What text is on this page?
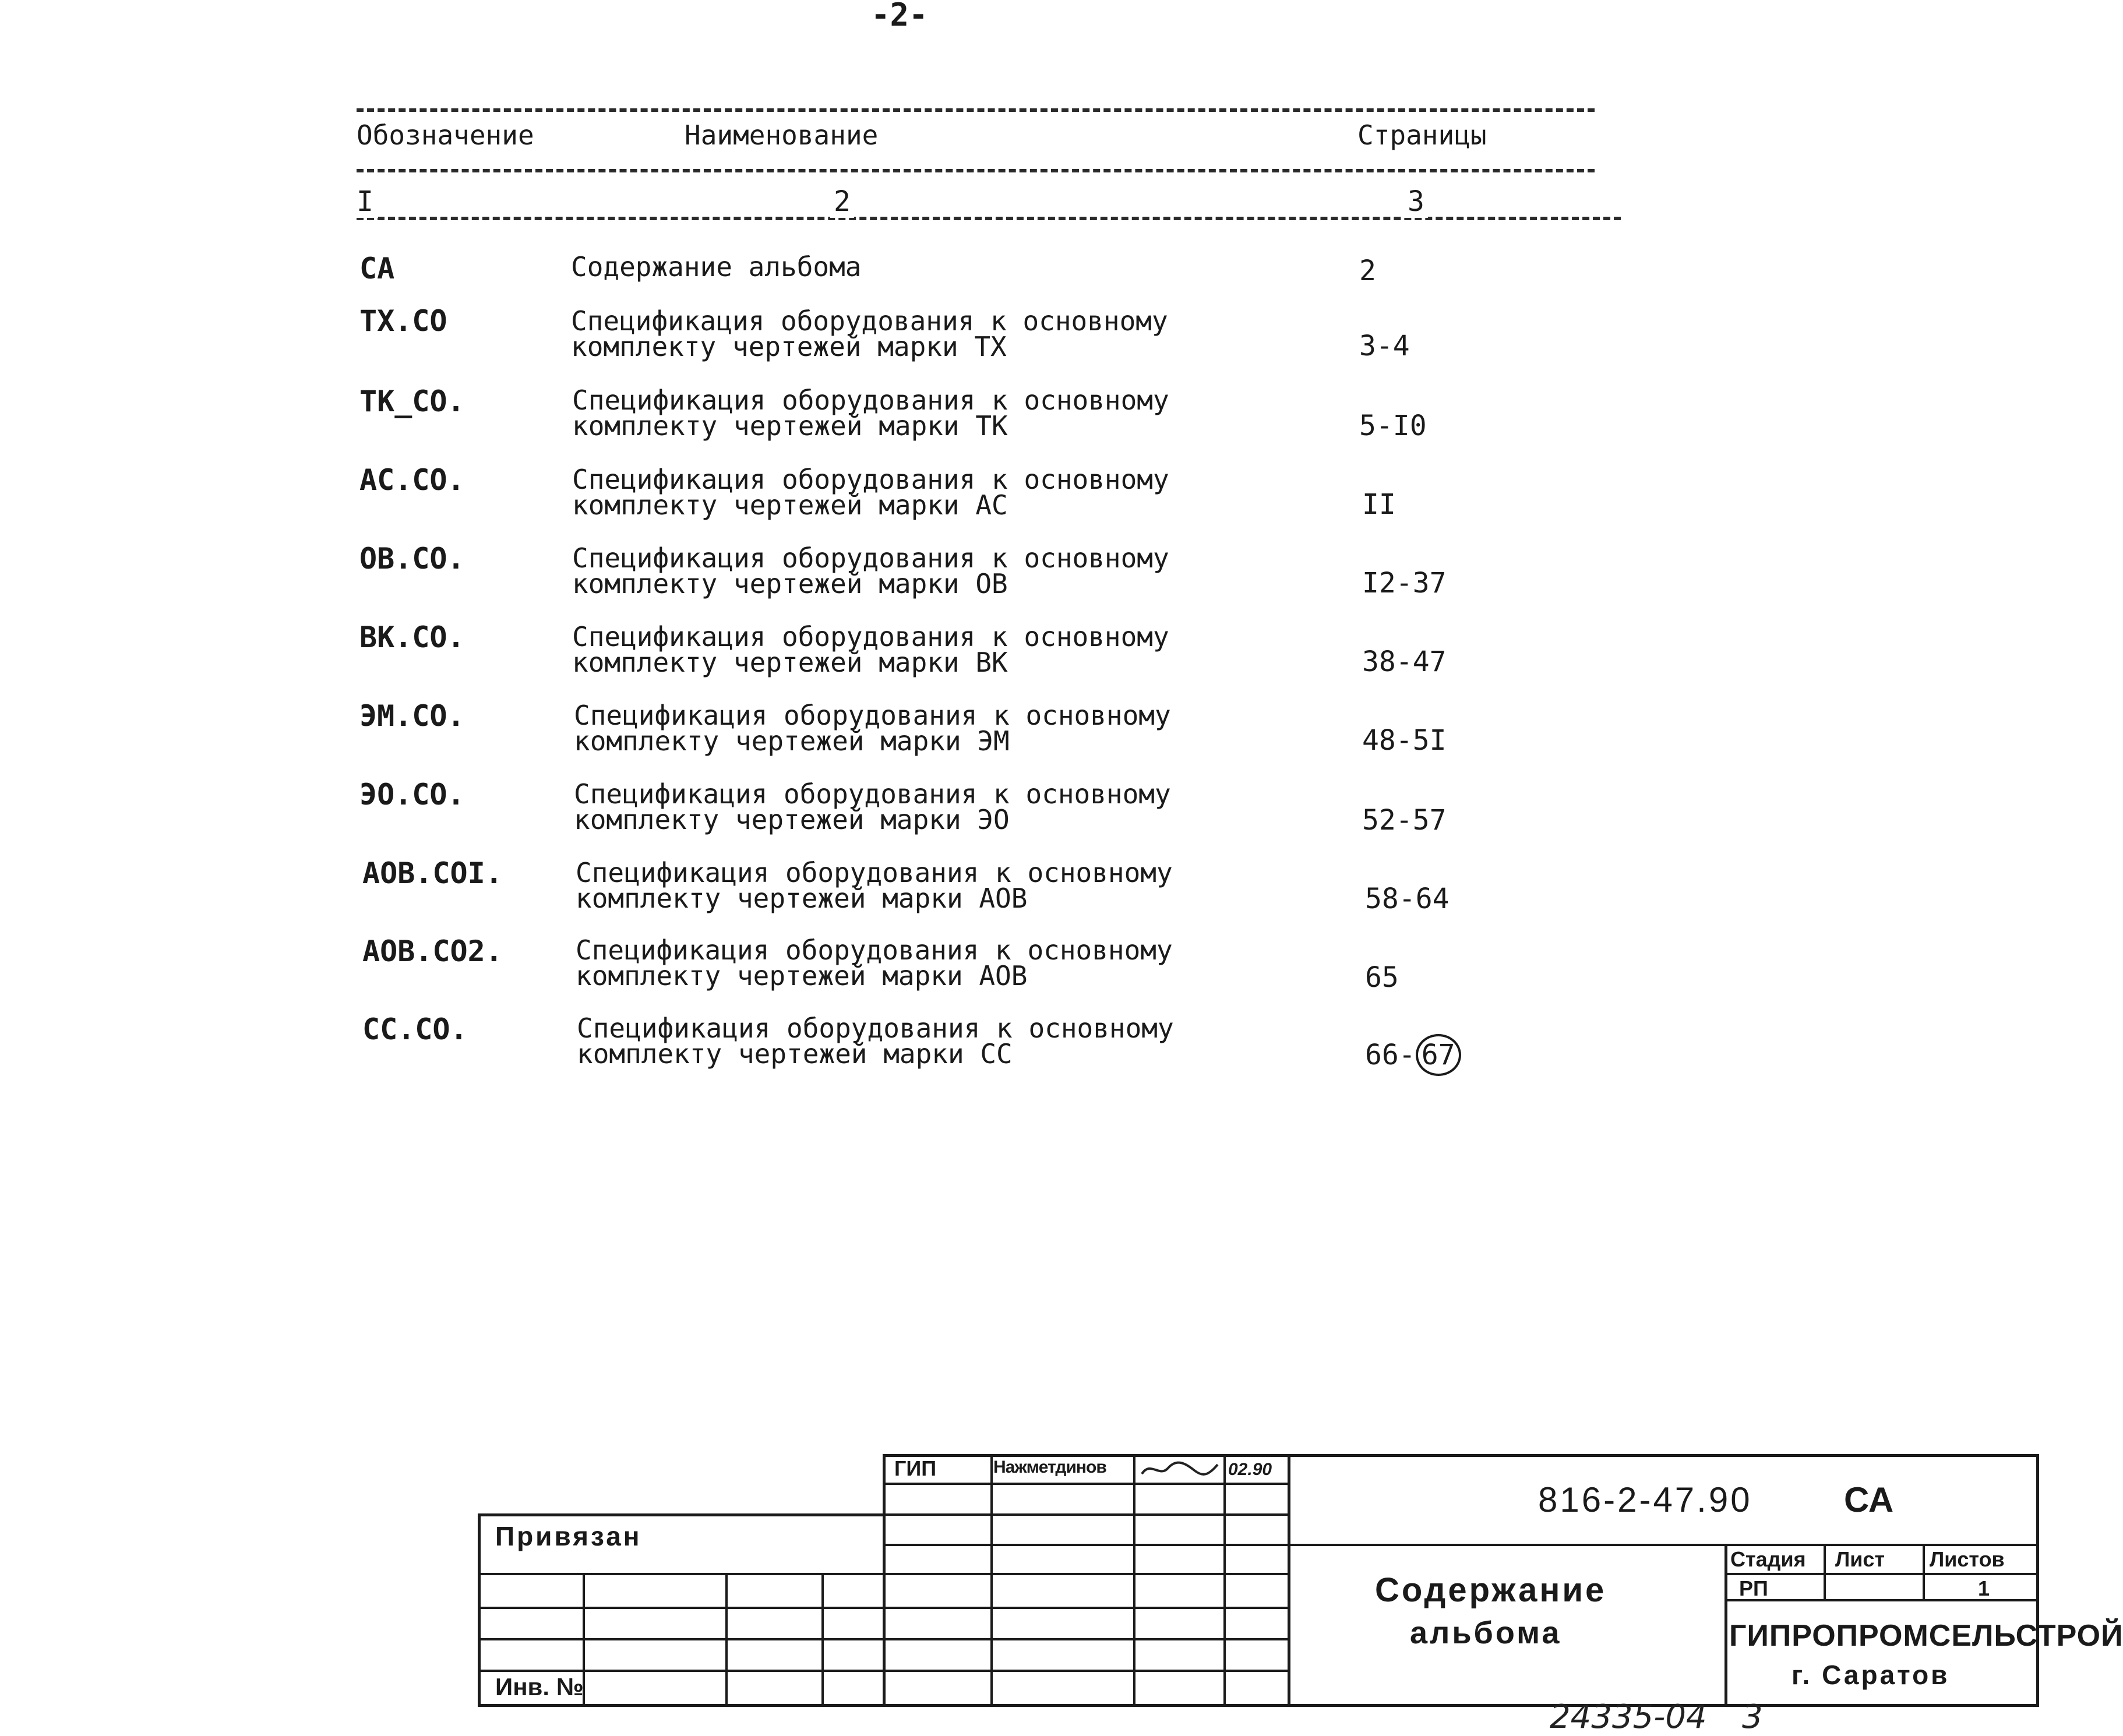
-2-
Обозначение	Наименование	Страницы
I	2	3
CA	Содержание альбома	2
TX.CO	Спецификация оборудования к основному
комплекту чертежей марки ТХ	3-4
TK_CO.	Спецификация оборудования к основному
комплекту чертежей марки ТК	5-I0
AC.CO.	Спецификация оборудования к основному
комплекту чертежей марки АС	II
OB.CO.	Спецификация оборудования к основному
комплекту чертежей марки ОВ	I2-37
BK.CO.	Спецификация оборудования к основному
комплекту чертежей марки ВК	38-47
ЭМ.CO.	Спецификация оборудования к основному
комплекту чертежей марки ЭМ	48-5I
ЭО.CO.	Спецификация оборудования к основному
комплекту чертежей марки ЭО	52-57
AOB.COI.	Спецификация оборудования к основному
комплекту чертежей марки АОВ	58-64
AOB.CO2.	Спецификация оборудования к основному
комплекту чертежей марки АОВ	65
CC.CO.	Спецификация оборудования к основному
комплекту чертежей марки СС	66- 67
Привязан
Инв. №
ГИП	Нажметдинов	02.90
816-2-47.90	СА
Содержание
альбома
Стадия Лист Листов
РП	1
ГИПРОПРОМСЕЛЬСТРОЙ
г. Саратов
24335-04 3
